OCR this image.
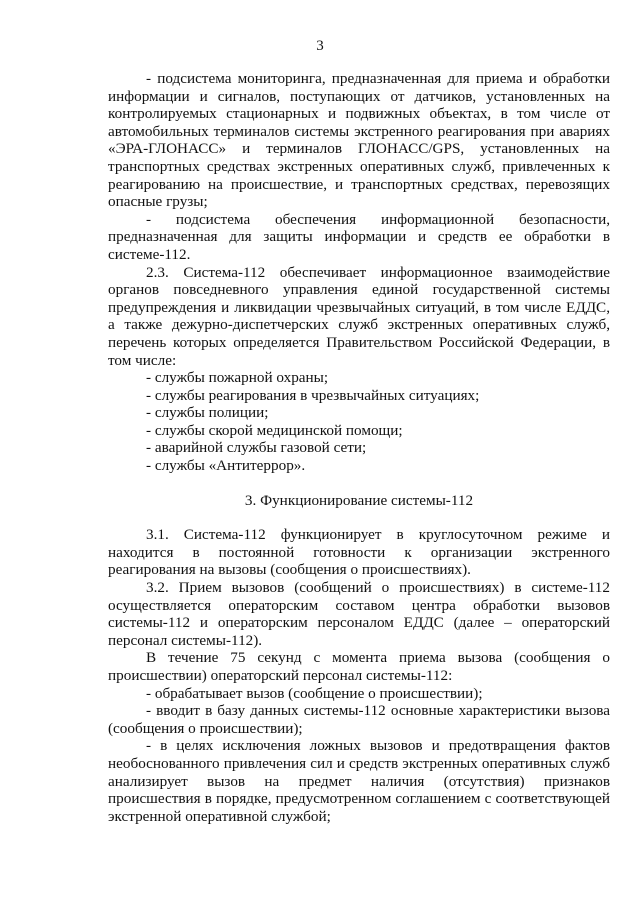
3

- подсистема мониторинга, предназначенная для приема и обработки информации и сигналов, поступающих от датчиков, установленных на контролируемых стационарных и подвижных объектах, в том числе от автомобильных терминалов системы экстренного реагирования при авариях «ЭРА-ГЛОНАСС» и терминалов ГЛОНАСС/GPS, установленных на транспортных средствах экстренных оперативных служб, привлеченных к реагированию на происшествие, и транспортных средствах, перевозящих опасные грузы;

- подсистема обеспечения информационной безопасности, предназначенная для защиты информации и средств ее обработки в системе-112.

2.3. Система-112 обеспечивает информационное взаимодействие органов повседневного управления единой государственной системы предупреждения и ликвидации чрезвычайных ситуаций, в том числе ЕДДС, а также дежурно-диспетчерских служб экстренных оперативных служб, перечень которых определяется Правительством Российской Федерации, в том числе:

- службы пожарной охраны;

- службы реагирования в чрезвычайных ситуациях;

- службы полиции;

- службы скорой медицинской помощи;

- аварийной службы газовой сети;

- службы «Антитеррор».

3. Функционирование системы-112

3.1. Система-112 функционирует в круглосуточном режиме и находится в постоянной готовности к организации экстренного реагирования на вызовы (сообщения о происшествиях).

3.2. Прием вызовов (сообщений о происшествиях) в системе-112 осуществляется операторским составом центра обработки вызовов системы-112 и операторским персоналом ЕДДС (далее – операторский персонал системы-112).

В течение 75 секунд с момента приема вызова (сообщения о происшествии) операторский персонал системы-112:

- обрабатывает вызов (сообщение о происшествии);

- вводит в базу данных системы-112 основные характеристики вызова (сообщения о происшествии);

- в целях исключения ложных вызовов и предотвращения фактов необоснованного привлечения сил и средств экстренных оперативных служб анализирует вызов на предмет наличия (отсутствия) признаков происшествия в порядке, предусмотренном соглашением с соответствующей экстренной оперативной службой;
